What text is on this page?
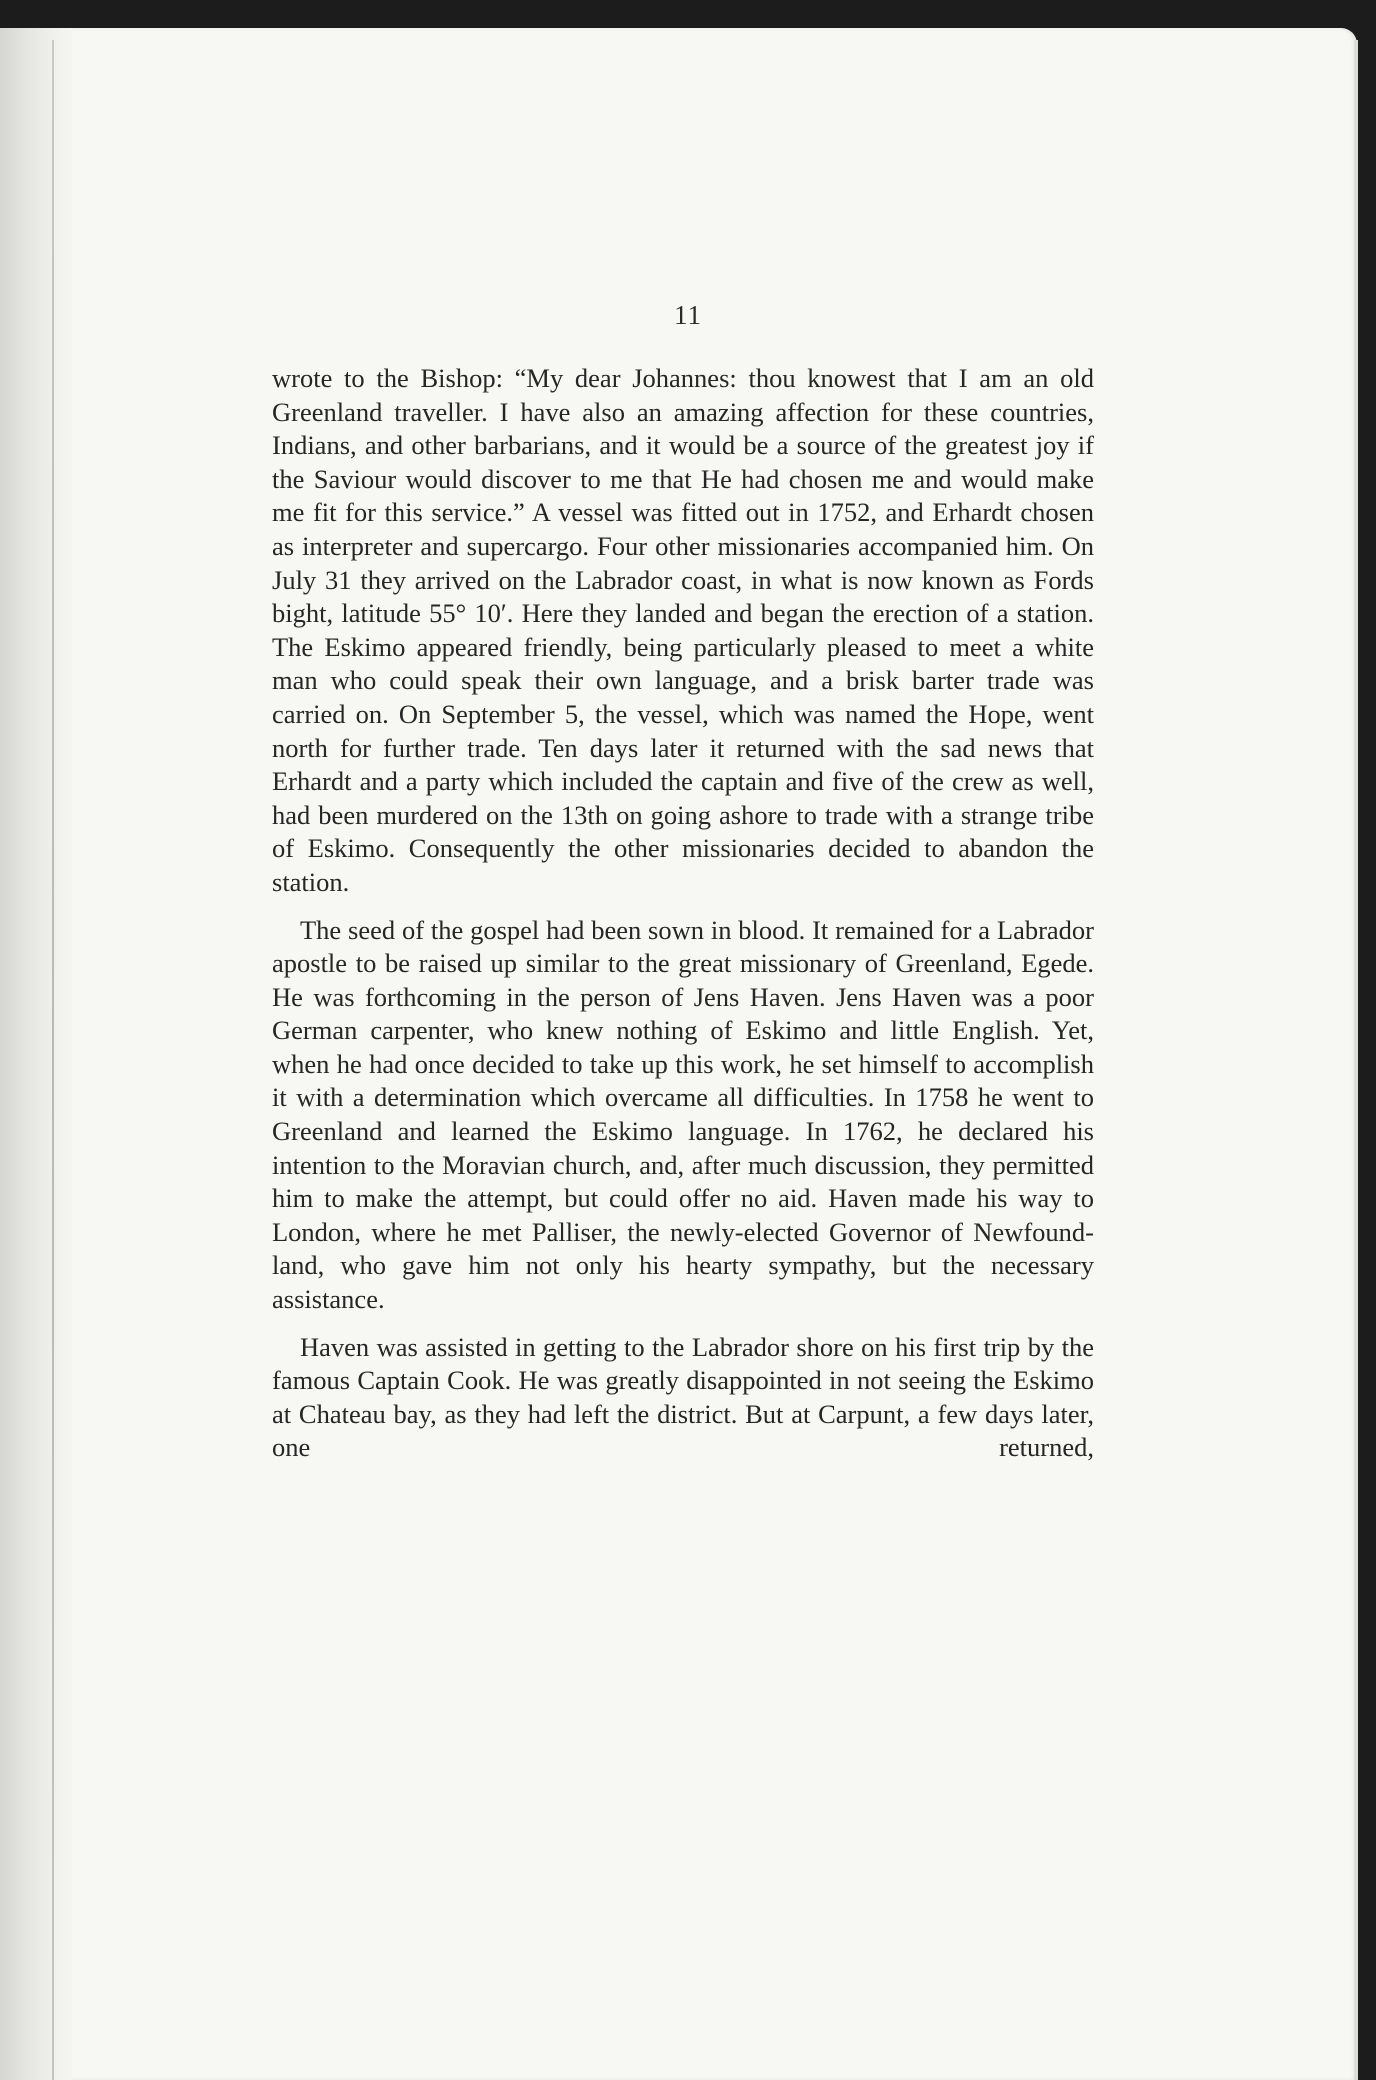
11

wrote to the Bishop: “My dear Johannes: thou knowest that I am an old Greenland traveller. I have also an amazing affection for these countries, Indians, and other barbarians, and it would be a source of the greatest joy if the Saviour would discover to me that He had chosen me and would make me fit for this service.” A vessel was fitted out in 1752, and Erhardt chosen as interpreter and supercargo. Four other missionaries accompanied him. On July 31 they arrived on the Labrador coast, in what is now known as Fords bight, latitude 55° 10′. Here they landed and began the erection of a station. The Eskimo appeared friendly, being particularly pleased to meet a white man who could speak their own language, and a brisk barter trade was carried on. On September 5, the vessel, which was named the Hope, went north for further trade. Ten days later it returned with the sad news that Erhardt and a party which included the captain and five of the crew as well, had been murdered on the 13th on going ashore to trade with a strange tribe of Eskimo. Consequently the other missionaries decided to abandon the station.

The seed of the gospel had been sown in blood. It remained for a Labrador apostle to be raised up similar to the great missionary of Greenland, Egede. He was forthcoming in the person of Jens Haven. Jens Haven was a poor German carpenter, who knew nothing of Eskimo and little English. Yet, when he had once decided to take up this work, he set himself to accomplish it with a determination which overcame all difficulties. In 1758 he went to Greenland and learned the Eskimo language. In 1762, he declared his intention to the Moravian church, and, after much discussion, they permitted him to make the attempt, but could offer no aid. Haven made his way to London, where he met Palliser, the newly-elected Governor of Newfoundland, who gave him not only his hearty sympathy, but the necessary assistance.

Haven was assisted in getting to the Labrador shore on his first trip by the famous Captain Cook. He was greatly disappointed in not seeing the Eskimo at Chateau bay, as they had left the district. But at Carpunt, a few days later, one returned,
